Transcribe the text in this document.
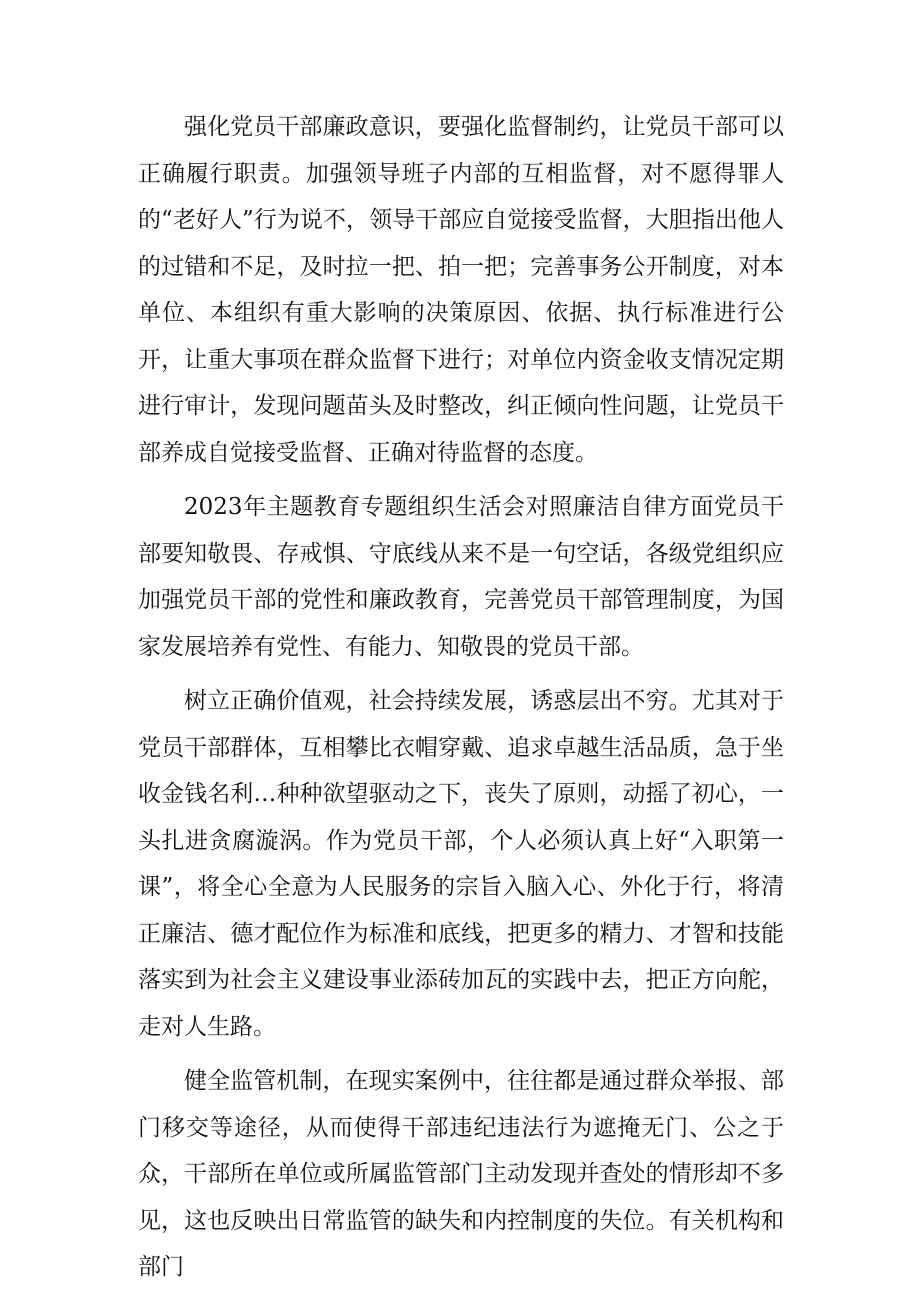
强化党员干部廉政意识，要强化监督制约，让党员干部可以正确履行职责。加强领导班子内部的互相监督，对不愿得罪人的“老好人”行为说不，领导干部应自觉接受监督，大胆指出他人的过错和不足，及时拉一把、拍一把；完善事务公开制度，对本单位、本组织有重大影响的决策原因、依据、执行标准进行公开，让重大事项在群众监督下进行；对单位内资金收支情况定期进行审计，发现问题苗头及时整改，纠正倾向性问题，让党员干部养成自觉接受监督、正确对待监督的态度。

2023年主题教育专题组织生活会对照廉洁自律方面党员干部要知敬畏、存戒惧、守底线从来不是一句空话，各级党组织应加强党员干部的党性和廉政教育，完善党员干部管理制度，为国家发展培养有党性、有能力、知敬畏的党员干部。

树立正确价值观，社会持续发展，诱惑层出不穷。尤其对于党员干部群体，互相攀比衣帽穿戴、追求卓越生活品质，急于坐收金钱名利…种种欲望驱动之下，丧失了原则，动摇了初心，一头扎进贪腐漩涡。作为党员干部，个人必须认真上好“入职第一课”，将全心全意为人民服务的宗旨入脑入心、外化于行，将清正廉洁、德才配位作为标准和底线，把更多的精力、才智和技能落实到为社会主义建设事业添砖加瓦的实践中去，把正方向舵，走对人生路。

健全监管机制，在现实案例中，往往都是通过群众举报、部门移交等途径，从而使得干部违纪违法行为遮掩无门、公之于众，干部所在单位或所属监管部门主动发现并查处的情形却不多见，这也反映出日常监管的缺失和内控制度的失位。有关机构和部门
